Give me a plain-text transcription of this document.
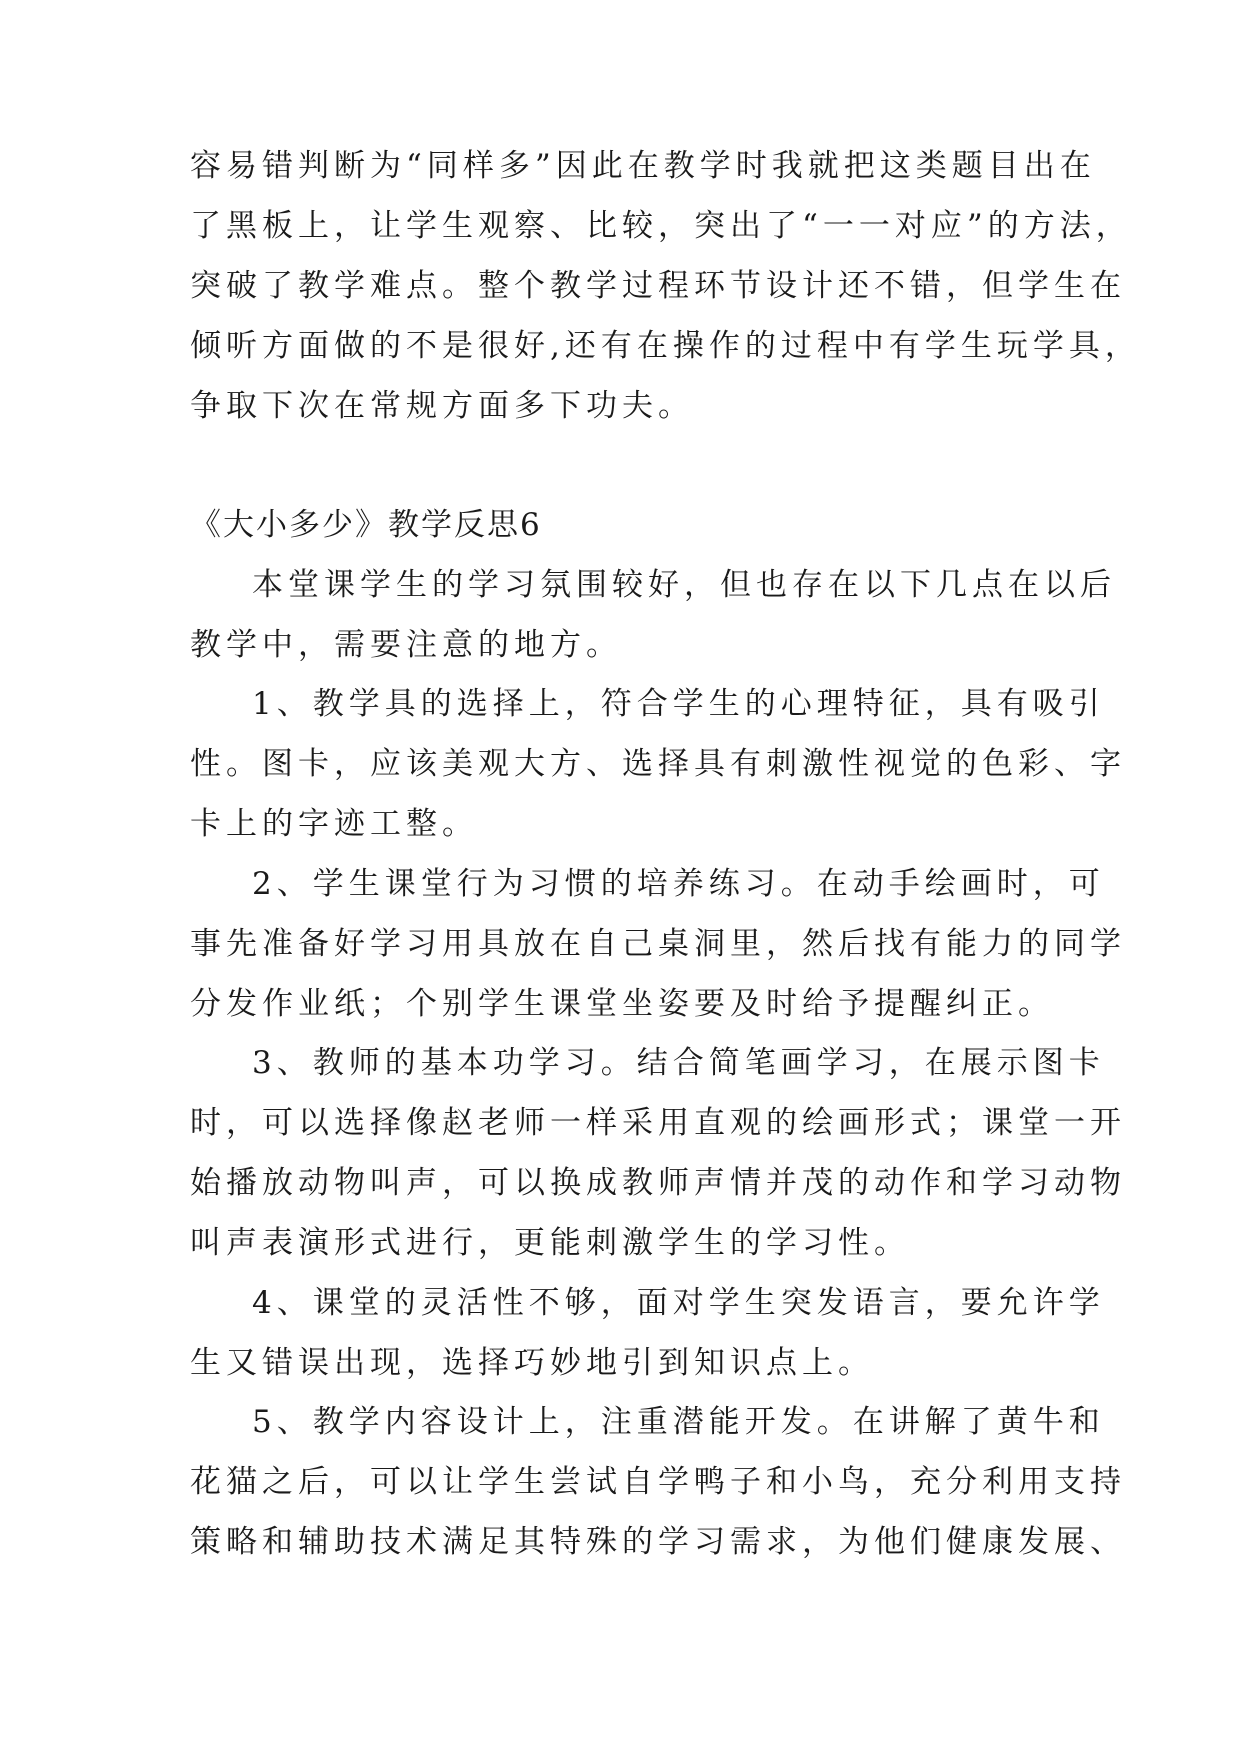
容易错判断为“同样多”因此在教学时我就把这类题目出在
了黑板上，让学生观察、比较，突出了“一一对应”的方法，
突破了教学难点。整个教学过程环节设计还不错，但学生在
倾听方面做的不是很好,还有在操作的过程中有学生玩学具，
争取下次在常规方面多下功夫。
《大小多少》教学反思6
本堂课学生的学习氛围较好，但也存在以下几点在以后
教学中，需要注意的地方。
1、教学具的选择上，符合学生的心理特征，具有吸引
性。图卡，应该美观大方、选择具有刺激性视觉的色彩、字
卡上的字迹工整。
2、学生课堂行为习惯的培养练习。在动手绘画时，可
事先准备好学习用具放在自己桌洞里，然后找有能力的同学
分发作业纸；个别学生课堂坐姿要及时给予提醒纠正。
3、教师的基本功学习。结合简笔画学习，在展示图卡
时，可以选择像赵老师一样采用直观的绘画形式；课堂一开
始播放动物叫声，可以换成教师声情并茂的动作和学习动物
叫声表演形式进行，更能刺激学生的学习性。
4、课堂的灵活性不够，面对学生突发语言，要允许学
生又错误出现，选择巧妙地引到知识点上。
5、教学内容设计上，注重潜能开发。在讲解了黄牛和
花猫之后，可以让学生尝试自学鸭子和小鸟，充分利用支持
策略和辅助技术满足其特殊的学习需求，为他们健康发展、
